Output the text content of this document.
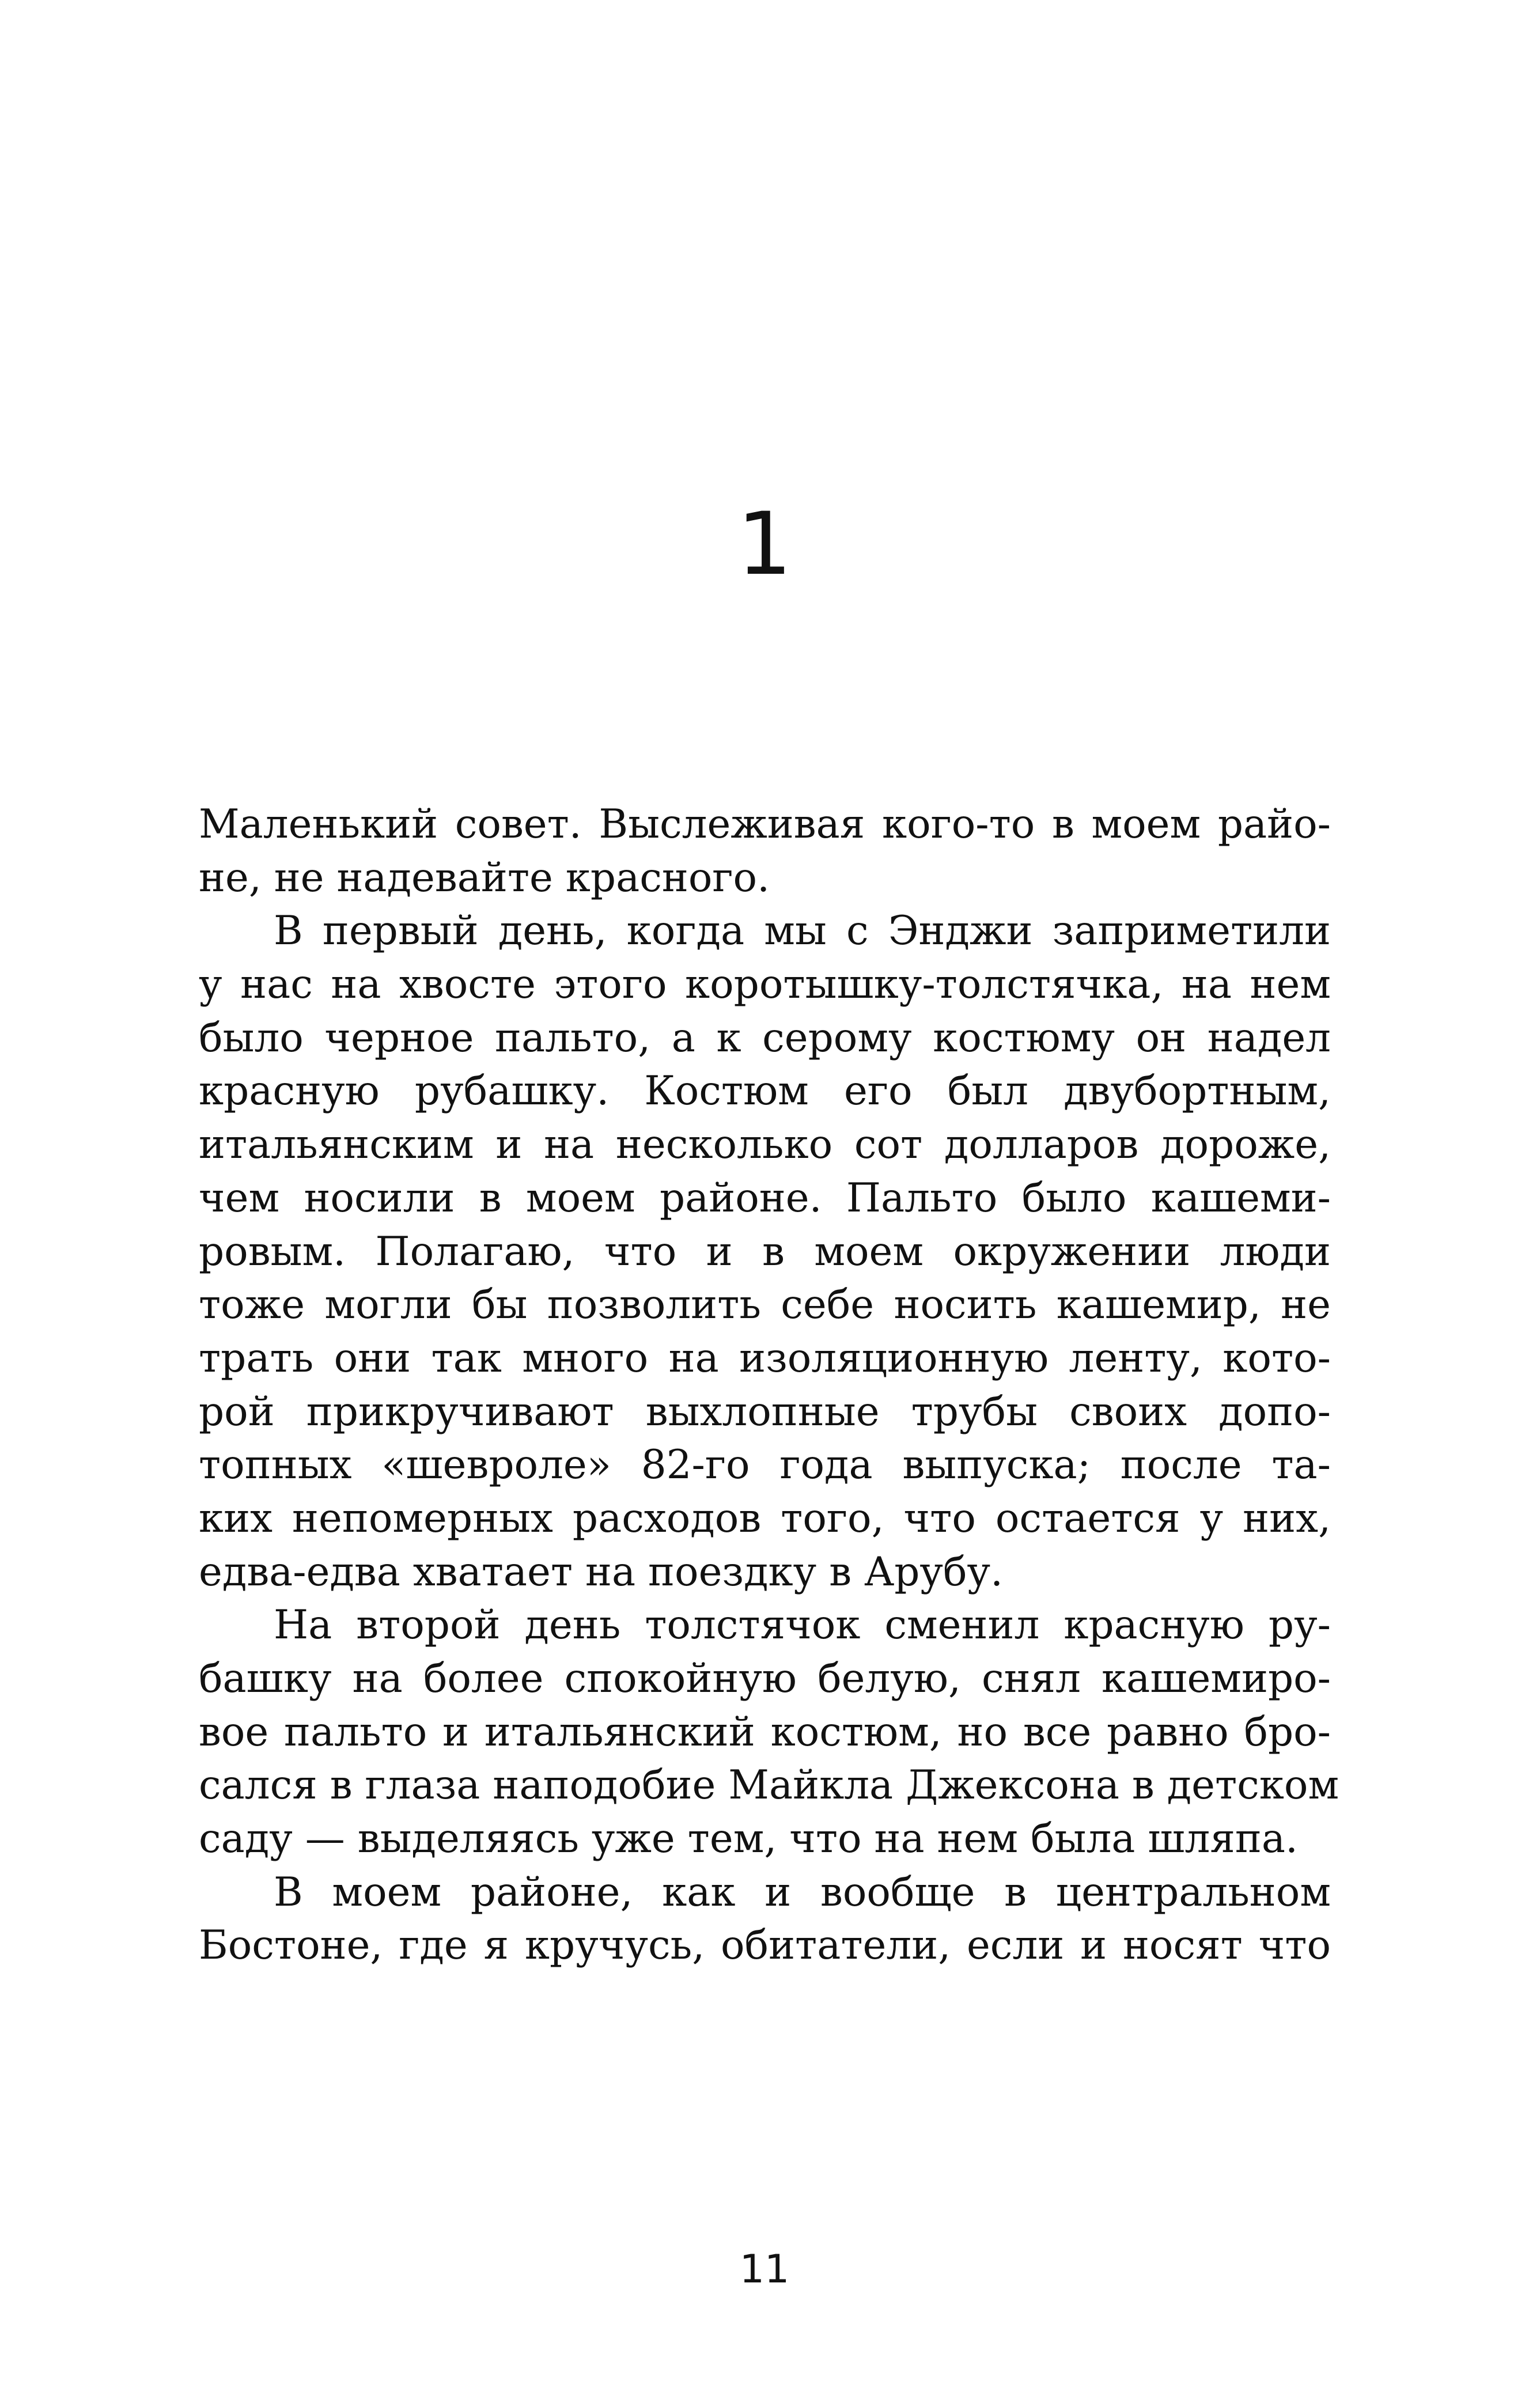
1
Маленький совет. Выслеживая кого-то в моем райо-
не, не надевайте красного.
В первый день, когда мы с Энджи заприметили
у нас на хвосте этого коротышку-толстячка, на нем
было черное пальто, а к серому костюму он надел
красную рубашку. Костюм его был двубортным,
итальянским и на несколько сот долларов дороже,
чем носили в моем районе. Пальто было кашеми-
ровым. Полагаю, что и в моем окружении люди
тоже могли бы позволить себе носить кашемир, не
трать они так много на изоляционную ленту, кото-
рой прикручивают выхлопные трубы своих допо-
топных «шевроле» 82-го года выпуска; после та-
ких непомерных расходов того, что остается у них,
едва-едва хватает на поездку в Арубу.
На второй день толстячок сменил красную ру-
башку на более спокойную белую, снял кашемиро-
вое пальто и итальянский костюм, но все равно бро-
сался в глаза наподобие Майкла Джексона в детском
саду — выделяясь уже тем, что на нем была шляпа.
В моем районе, как и вообще в центральном
Бостоне, где я кручусь, обитатели, если и носят что
11
